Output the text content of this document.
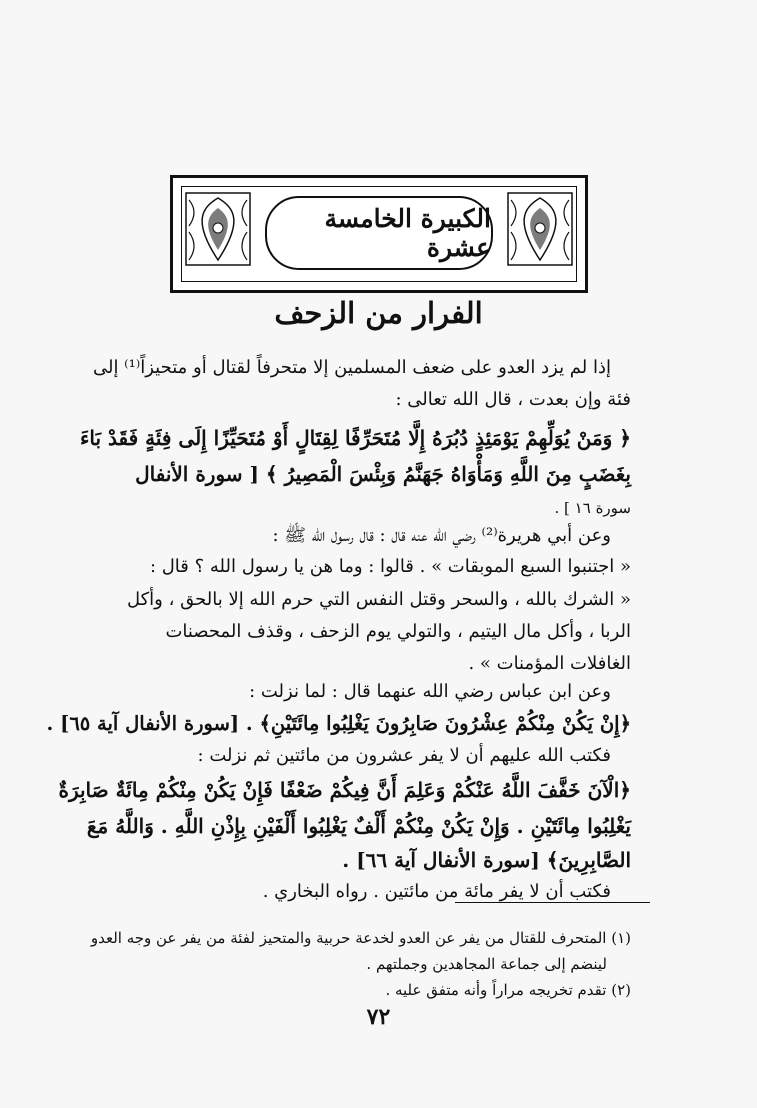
الكبيرة الخامسة عشرة
الفرار من الزحف
إذا لم يزد العدو على ضعف المسلمين إلا متحرفاً لقتال أو متحيزاً⁽¹⁾ إلى
فئة وإن بعدت ، قال الله تعالى :
﴿ وَمَنْ يُوَلِّهِمْ يَوْمَئِذٍ دُبُرَهُ إِلَّا مُتَحَرِّفًا لِقِتَالٍ أَوْ مُتَحَيِّزًا إِلَى فِئَةٍ فَقَدْ بَاءَ
بِغَضَبٍ مِنَ اللَّهِ وَمَأْوَاهُ جَهَنَّمُ وَبِئْسَ الْمَصِيرُ ﴾ [ سورة الأنفال
سورة ١٦ ] .
وعن أبي هريرة⁽²⁾ رضي الله عنه قال : قال رسول الله ﷺ :
« اجتنبوا السبع الموبقات » . قالوا : وما هن يا رسول الله ؟ قال :
« الشرك بالله ، والسحر وقتل النفس التي حرم الله إلا بالحق ، وأكل
الربا ، وأكل مال اليتيم ، والتولي يوم الزحف ، وقذف المحصنات
الغافلات المؤمنات » .
وعن ابن عباس رضي الله عنهما قال : لما نزلت :
﴿إِنْ يَكُنْ مِنْكُمْ عِشْرُونَ صَابِرُونَ يَغْلِبُوا مِائَتَيْنِ﴾ . [سورة الأنفال آية ٦٥] .
فكتب الله عليهم أن لا يفر عشرون من مائتين ثم نزلت :
﴿الْآنَ خَفَّفَ اللَّهُ عَنْكُمْ وَعَلِمَ أَنَّ فِيكُمْ ضَعْفًا فَإِنْ يَكُنْ مِنْكُمْ مِائَةٌ صَابِرَةٌ
يَغْلِبُوا مِائَتَيْنِ . وَإِنْ يَكُنْ مِنْكُمْ أَلْفٌ يَغْلِبُوا أَلْفَيْنِ بِإِذْنِ اللَّهِ . وَاللَّهُ مَعَ
الصَّابِرِينَ﴾ [سورة الأنفال آية ٦٦] .
فكتب أن لا يفر مائة من مائتين . رواه البخاري .
(١) المتحرف للقتال من يفر عن العدو لخدعة حربية والمتحيز لفئة من يفر عن وجه العدو
لينضم إلى جماعة المجاهدين وجملتهم .
(٢) تقدم تخريجه مراراً وأنه متفق عليه .
٧٢
